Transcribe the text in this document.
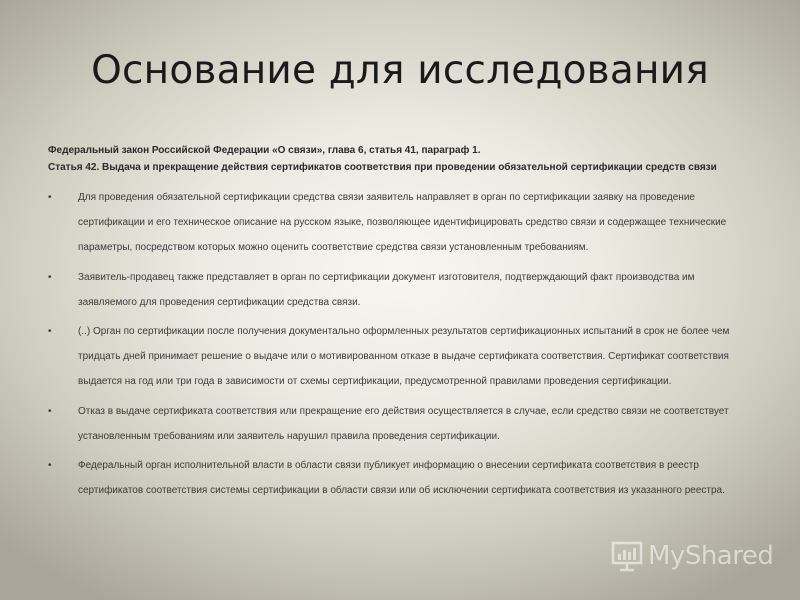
Основание для исследования
Федеральный закон Российской Федерации «О связи», глава 6, статья 41, параграф 1.
Статья 42. Выдача и прекращение действия сертификатов соответствия при проведении обязательной сертификации средств связи
•	Для проведения обязательной сертификации средства связи заявитель направляет в орган по сертификации заявку на проведение сертификации и его техническое описание на русском языке, позволяющее идентифицировать средство связи и содержащее технические параметры, посредством которых можно оценить соответствие средства связи установленным требованиям.
•	Заявитель-продавец также представляет в орган по сертификации документ изготовителя, подтверждающий факт производства им заявляемого для проведения сертификации средства связи.
•	(..) Орган по сертификации после получения документально оформленных результатов сертификационных испытаний в срок не более чем тридцать дней принимает решение о выдаче или о мотивированном отказе в выдаче сертификата соответствия. Сертификат соответствия выдается на год или три года в зависимости от схемы сертификации, предусмотренной правилами проведения сертификации.
•	Отказ в выдаче сертификата соответствия или прекращение его действия осуществляется в случае, если средство связи не соответствует установленным требованиям или заявитель нарушил правила проведения сертификации.
•	Федеральный орган исполнительной власти в области связи публикует информацию о внесении сертификата соответствия в реестр сертификатов соответствия системы сертификации в области связи или об исключении сертификата соответствия из указанного реестра.
MyShared
